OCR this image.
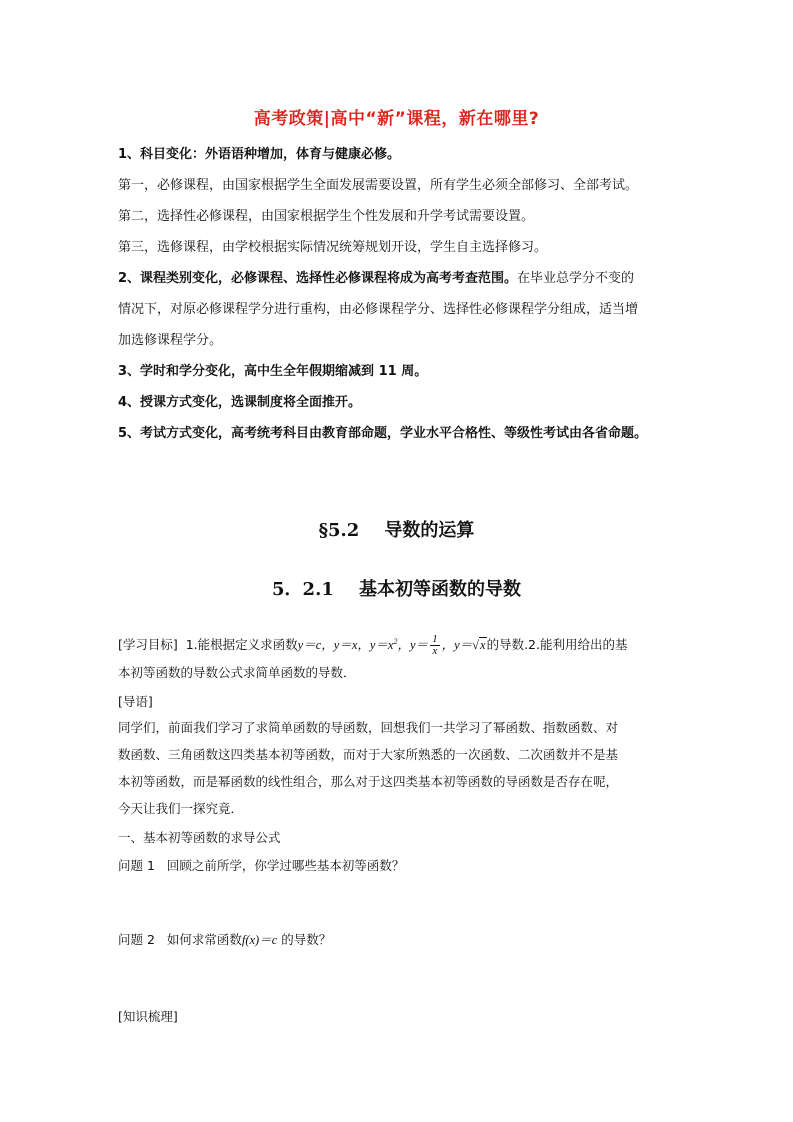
高考政策|高中“新”课程，新在哪里?
1、科目变化：外语语种增加，体育与健康必修。
第一，必修课程，由国家根据学生全面发展需要设置，所有学生必须全部修习、全部考试。
第二，选择性必修课程，由国家根据学生个性发展和升学考试需要设置。
第三，选修课程，由学校根据实际情况统筹规划开设，学生自主选择修习。
2、课程类别变化，必修课程、选择性必修课程将成为高考考查范围。在毕业总学分不变的
情况下，对原必修课程学分进行重构，由必修课程学分、选择性必修课程学分组成，适当增
加选修课程学分。
3、学时和学分变化，高中生全年假期缩减到 11 周。
4、授课方式变化，选课制度将全面推开。
5、考试方式变化，高考统考科目由教育部命题，学业水平合格性、等级性考试由各省命题。
§5.2 导数的运算
5．2.1 基本初等函数的导数
[学习目标] 1.能根据定义求函数y＝c，y＝x，$y=x^2$，$y= \frac{1}{x}$ ，y＝√x的导数.2.能利用给出的基
本初等函数的导数公式求简单函数的导数．
[导语]
同学们，前面我们学习了求简单函数的导函数，回想我们一共学习了幂函数、指数函数、对
数函数、三角函数这四类基本初等函数，而对于大家所熟悉的一次函数、二次函数并不是基
本初等函数，而是幂函数的线性组合，那么对于这四类基本初等函数的导函数是否存在呢，
今天让我们一探究竟．
一、基本初等函数的求导公式
问题 1 回顾之前所学，你学过哪些基本初等函数？
问题 2 如何求常函数f(x)＝c 的导数？
[知识梳理]
